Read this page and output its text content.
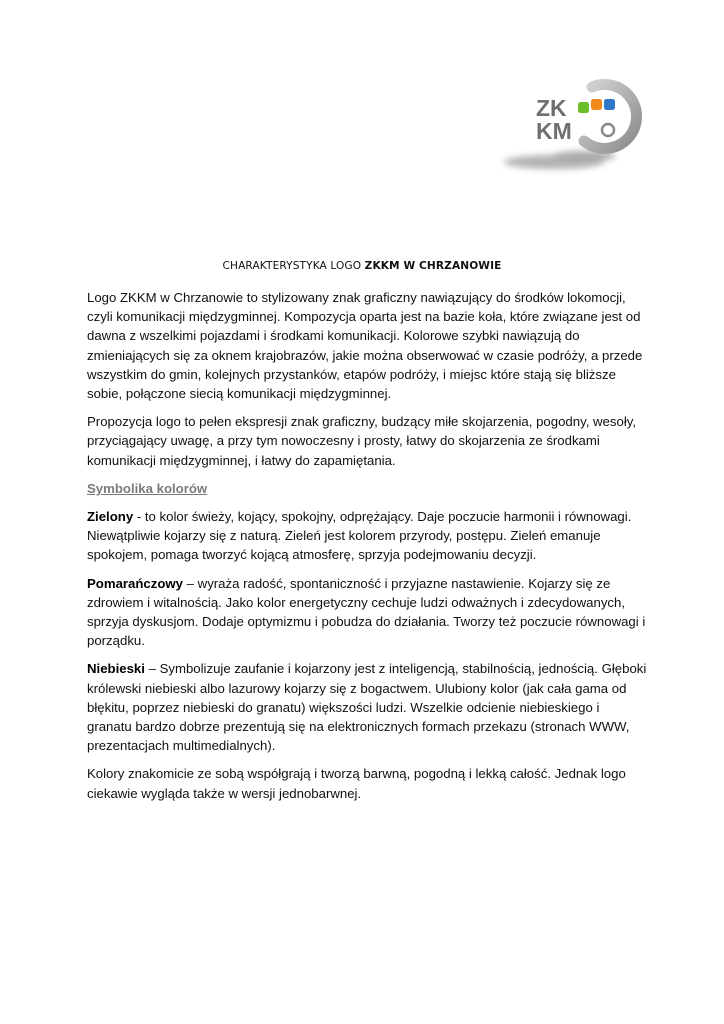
ZK
KM
CHARAKTERYSTYKA LOGO ZKKM W CHRZANOWIE

Logo ZKKM w Chrzanowie to stylizowany znak graficzny nawiązujący do środków lokomocji, czyli komunikacji międzygminnej. Kompozycja oparta jest na bazie koła, które związane jest od dawna z wszelkimi pojazdami i środkami komunikacji. Kolorowe szybki nawiązują do zmieniających się za oknem krajobrazów, jakie można obserwować w czasie podróży, a przede wszystkim do gmin, kolejnych przystanków, etapów podróży, i miejsc które stają się bliższe sobie, połączone siecią komunikacji międzygminnej.

Propozycja logo to pełen ekspresji znak graficzny, budzący miłe skojarzenia, pogodny, wesoły, przyciągający uwagę, a przy tym nowoczesny i prosty, łatwy do skojarzenia ze środkami komunikacji międzygminnej, i łatwy do zapamiętania.

Symbolika kolorów

Zielony - to kolor świeży, kojący, spokojny, odprężający. Daje poczucie harmonii i równowagi. Niewątpliwie kojarzy się z naturą. Zieleń jest kolorem przyrody, postępu. Zieleń emanuje spokojem, pomaga tworzyć kojącą atmosferę, sprzyja podejmowaniu decyzji.

Pomarańczowy – wyraża radość, spontaniczność i przyjazne nastawienie. Kojarzy się ze zdrowiem i witalnością. Jako kolor energetyczny cechuje ludzi odważnych i zdecydowanych, sprzyja dyskusjom. Dodaje optymizmu i pobudza do działania. Tworzy też poczucie równowagi i porządku.

Niebieski – Symbolizuje zaufanie i kojarzony jest z inteligencją, stabilnością, jednością. Głęboki królewski niebieski albo lazurowy kojarzy się z bogactwem. Ulubiony kolor (jak cała gama od błękitu, poprzez niebieski do granatu) większości ludzi. Wszelkie odcienie niebieskiego i granatu bardzo dobrze prezentują się na elektronicznych formach przekazu (stronach WWW, prezentacjach multimedialnych).

Kolory znakomicie ze sobą współgrają i tworzą barwną, pogodną i lekką całość. Jednak logo ciekawie wygląda także w wersji jednobarwnej.
